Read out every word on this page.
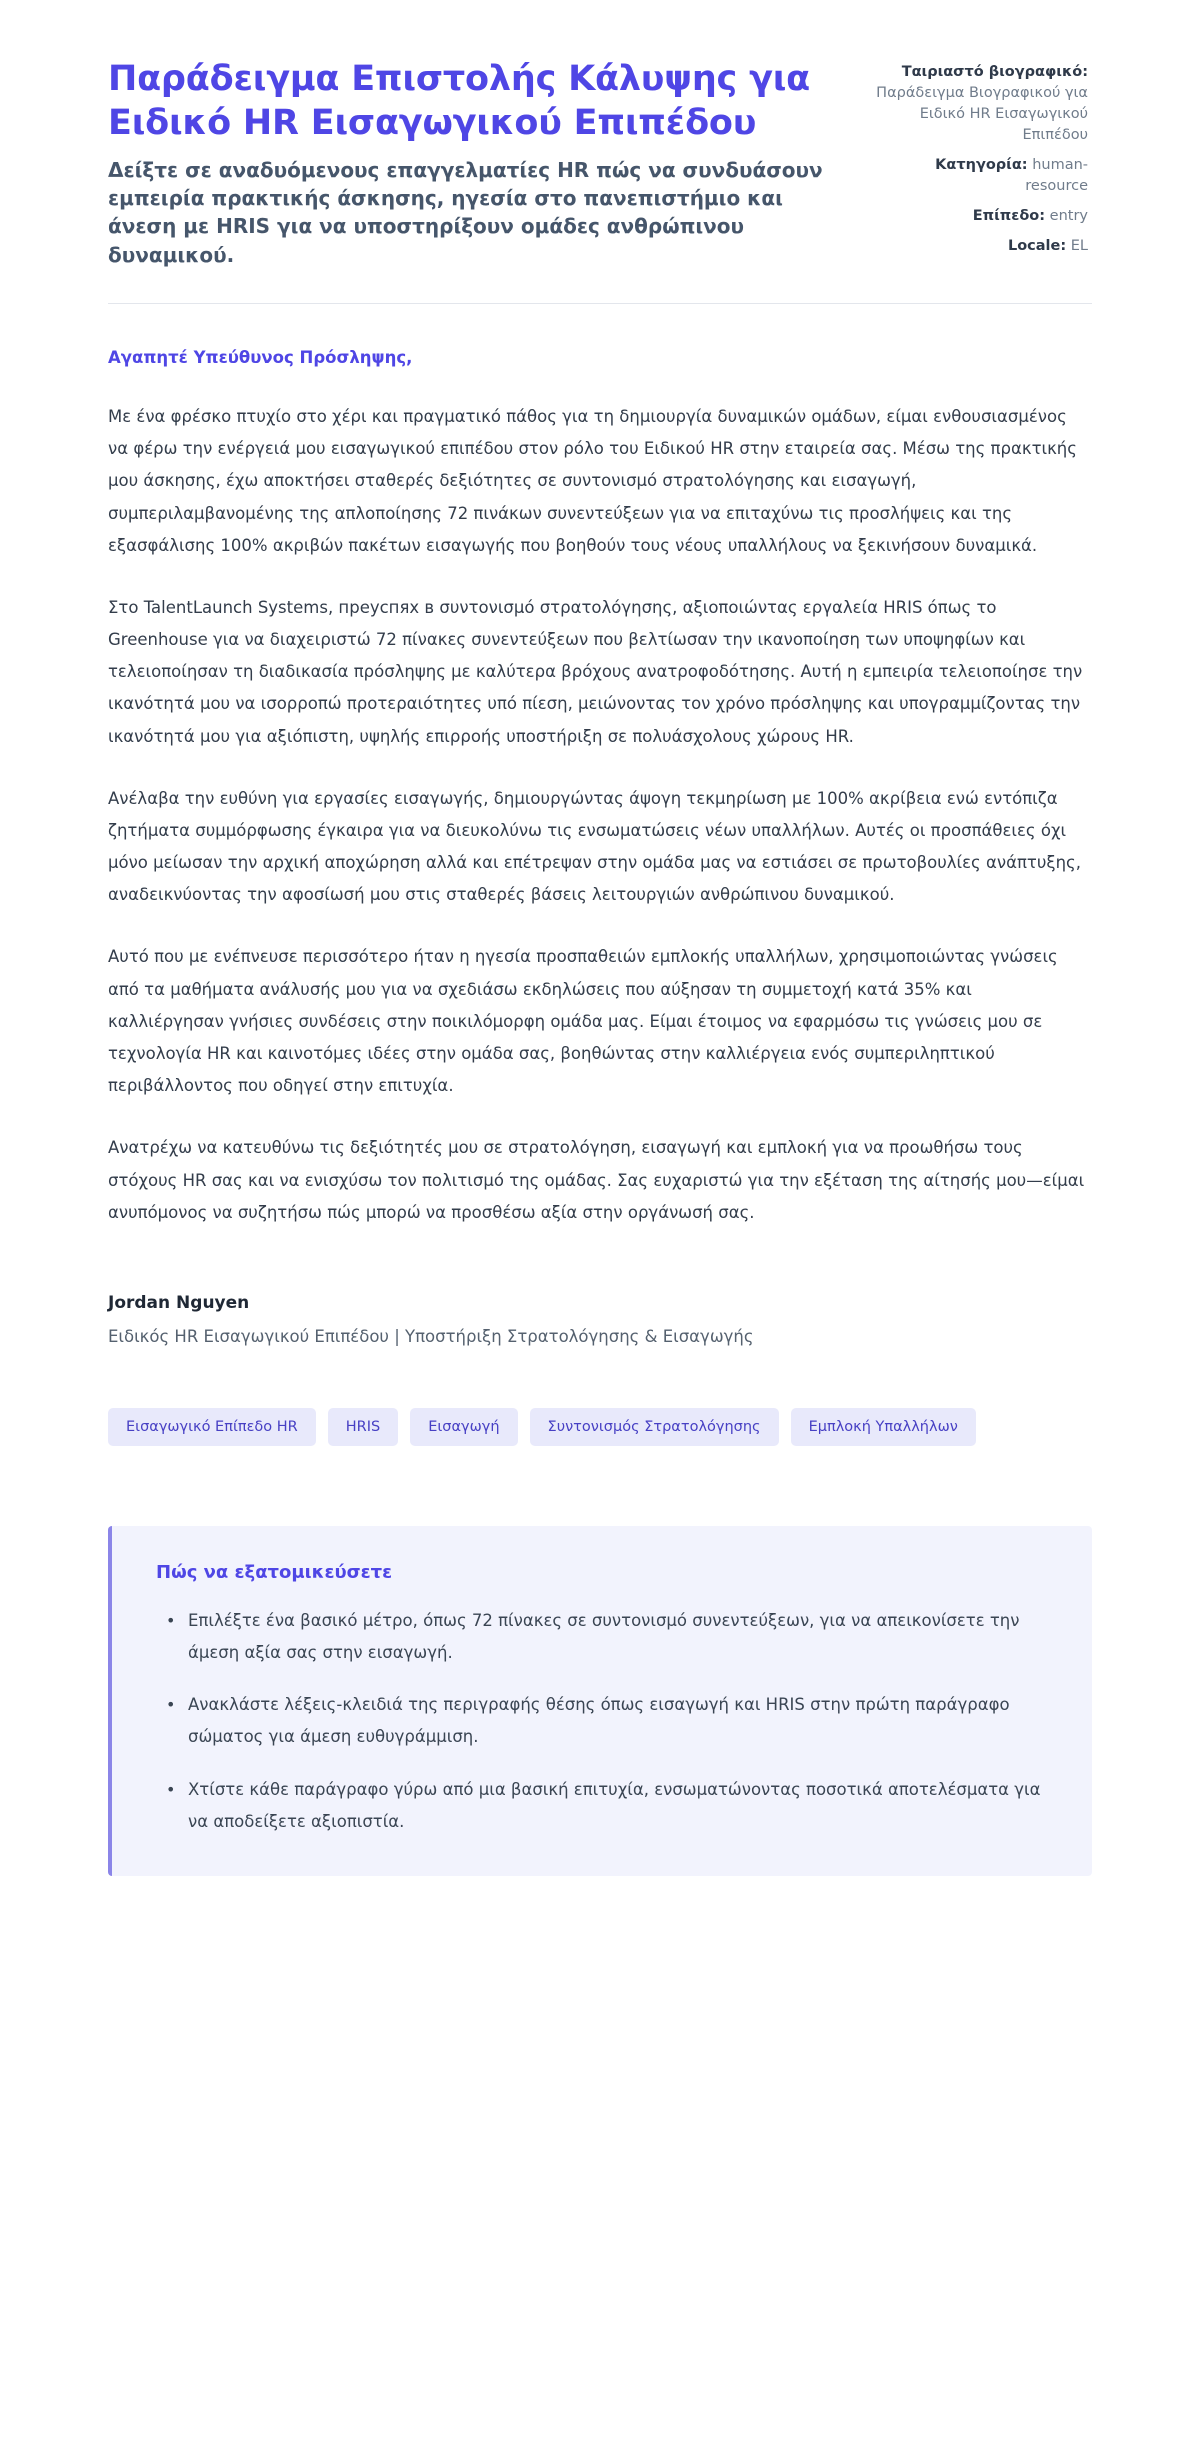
Παράδειγμα Επιστολής Κάλυψης για Ειδικό HR Εισαγωγικού Επιπέδου

Δείξτε σε αναδυόμενους επαγγελματίες HR πώς να συνδυάσουν εμπειρία πρακτικής άσκησης, ηγεσία στο πανεπιστήμιο και άνεση με HRIS για να υποστηρίξουν ομάδες ανθρώπινου δυναμικού.

Ταιριαστό βιογραφικό: Παράδειγμα Βιογραφικού για Ειδικό HR Εισαγωγικού Επιπέδου
Κατηγορία: human-resource
Επίπεδο: entry
Locale: EL

Αγαπητέ Υπεύθυνος Πρόσληψης,

Με ένα φρέσκο πτυχίο στο χέρι και πραγματικό πάθος για τη δημιουργία δυναμικών ομάδων, είμαι ενθουσιασμένος να φέρω την ενέργειά μου εισαγωγικού επιπέδου στον ρόλο του Ειδικού HR στην εταιρεία σας. Μέσω της πρακτικής μου άσκησης, έχω αποκτήσει σταθερές δεξιότητες σε συντονισμό στρατολόγησης και εισαγωγή, συμπεριλαμβανομένης της απλοποίησης 72 πινάκων συνεντεύξεων για να επιταχύνω τις προσλήψεις και της εξασφάλισης 100% ακριβών πακέτων εισαγωγής που βοηθούν τους νέους υπαλλήλους να ξεκινήσουν δυναμικά.

Στο TalentLaunch Systems, преуспях в συντονισμό στρατολόγησης, αξιοποιώντας εργαλεία HRIS όπως το Greenhouse για να διαχειριστώ 72 πίνακες συνεντεύξεων που βελτίωσαν την ικανοποίηση των υποψηφίων και τελειοποίησαν τη διαδικασία πρόσληψης με καλύτερα βρόχους ανατροφοδότησης. Αυτή η εμπειρία τελειοποίησε την ικανότητά μου να ισορροπώ προτεραιότητες υπό πίεση, μειώνοντας τον χρόνο πρόσληψης και υπογραμμίζοντας την ικανότητά μου για αξιόπιστη, υψηλής επιρροής υποστήριξη σε πολυάσχολους χώρους HR.

Ανέλαβα την ευθύνη για εργασίες εισαγωγής, δημιουργώντας άψογη τεκμηρίωση με 100% ακρίβεια ενώ εντόπιζα ζητήματα συμμόρφωσης έγκαιρα για να διευκολύνω τις ενσωματώσεις νέων υπαλλήλων. Αυτές οι προσπάθειες όχι μόνο μείωσαν την αρχική αποχώρηση αλλά και επέτρεψαν στην ομάδα μας να εστιάσει σε πρωτοβουλίες ανάπτυξης, αναδεικνύοντας την αφοσίωσή μου στις σταθερές βάσεις λειτουργιών ανθρώπινου δυναμικού.

Αυτό που με ενέπνευσε περισσότερο ήταν η ηγεσία προσπαθειών εμπλοκής υπαλλήλων, χρησιμοποιώντας γνώσεις από τα μαθήματα ανάλυσής μου για να σχεδιάσω εκδηλώσεις που αύξησαν τη συμμετοχή κατά 35% και καλλιέργησαν γνήσιες συνδέσεις στην ποικιλόμορφη ομάδα μας. Είμαι έτοιμος να εφαρμόσω τις γνώσεις μου σε τεχνολογία HR και καινοτόμες ιδέες στην ομάδα σας, βοηθώντας στην καλλιέργεια ενός συμπεριληπτικού περιβάλλοντος που οδηγεί στην επιτυχία.

Ανατρέχω να κατευθύνω τις δεξιότητές μου σε στρατολόγηση, εισαγωγή και εμπλοκή για να προωθήσω τους στόχους HR σας και να ενισχύσω τον πολιτισμό της ομάδας. Σας ευχαριστώ για την εξέταση της αίτησής μου—είμαι ανυπόμονος να συζητήσω πώς μπορώ να προσθέσω αξία στην οργάνωσή σας.

Jordan Nguyen

Ειδικός HR Εισαγωγικού Επιπέδου | Υποστήριξη Στρατολόγησης & Εισαγωγής

Εισαγωγικό Επίπεδο HR	HRIS	Εισαγωγή	Συντονισμός Στρατολόγησης	Εμπλοκή Υπαλλήλων
Πώς να εξατομικεύσετε
• Επιλέξτε ένα βασικό μέτρο, όπως 72 πίνακες σε συντονισμό συνεντεύξεων, για να απεικονίσετε την άμεση αξία σας στην εισαγωγή.
• Ανακλάστε λέξεις-κλειδιά της περιγραφής θέσης όπως εισαγωγή και HRIS στην πρώτη παράγραφο σώματος για άμεση ευθυγράμμιση.
• Χτίστε κάθε παράγραφο γύρω από μια βασική επιτυχία, ενσωματώνοντας ποσοτικά αποτελέσματα για να αποδείξετε αξιοπιστία.
